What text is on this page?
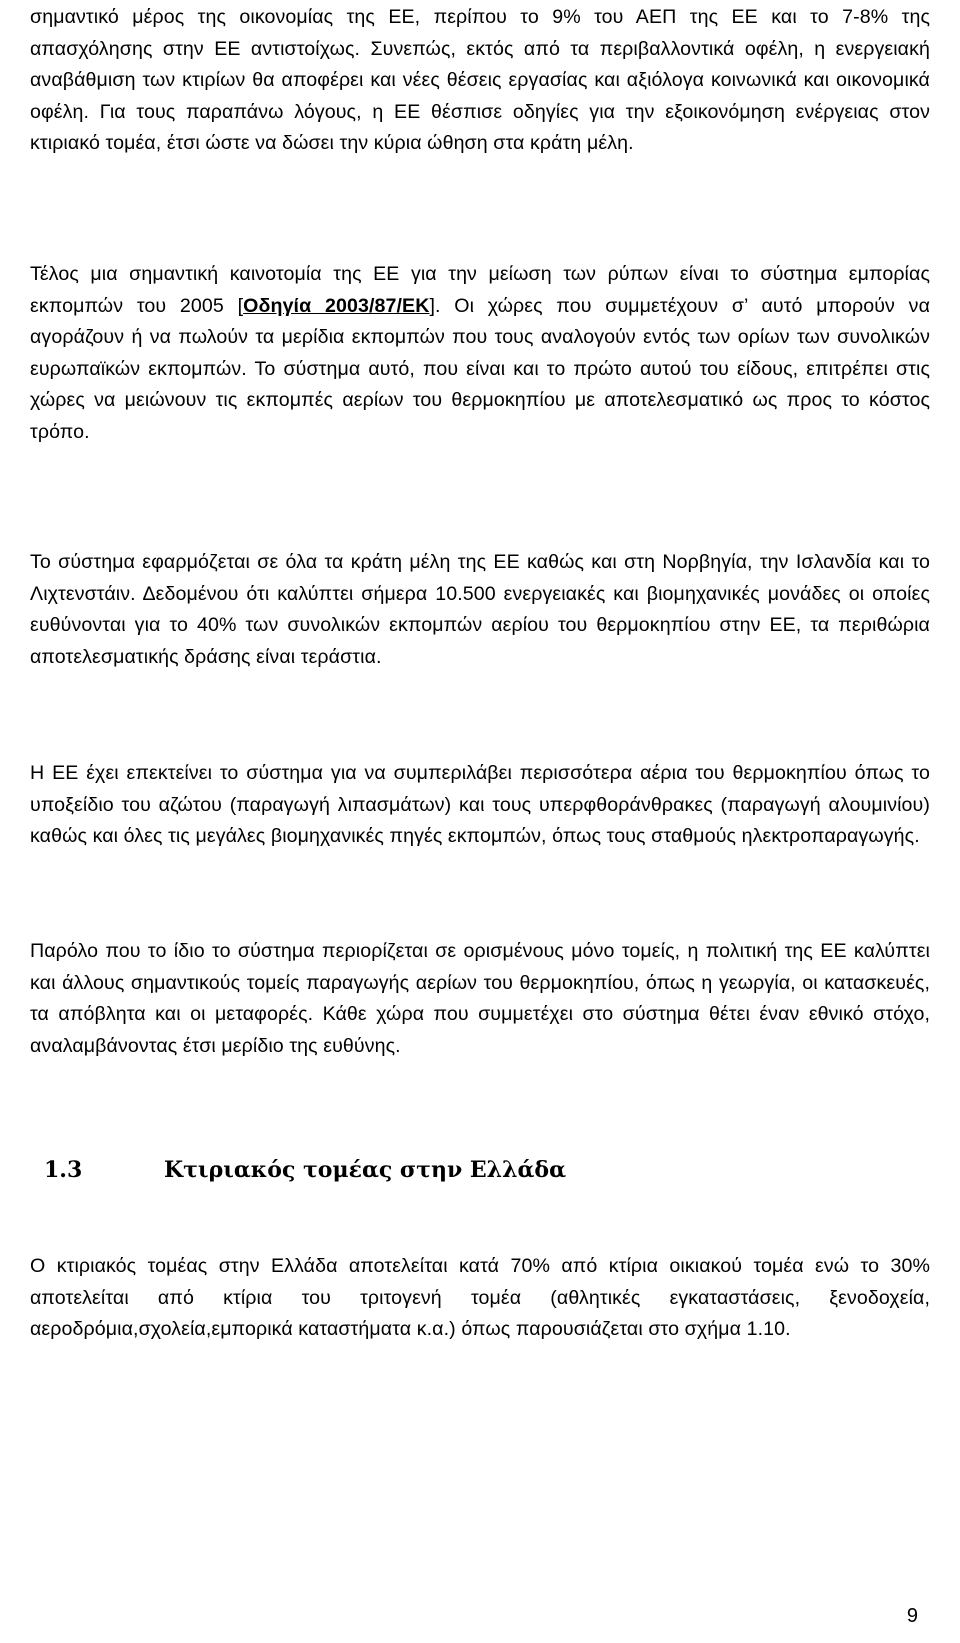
σημαντικό μέρος της οικονομίας της ΕΕ, περίπου το 9% του ΑΕΠ της ΕΕ και το 7-8% της απασχόλησης στην ΕΕ αντιστοίχως. Συνεπώς, εκτός από τα περιβαλλοντικά οφέλη, η ενεργειακή αναβάθμιση των κτιρίων θα αποφέρει και νέες θέσεις εργασίας και αξιόλογα κοινωνικά και οικονομικά οφέλη. Για τους παραπάνω λόγους, η ΕΕ θέσπισε οδηγίες για την εξοικονόμηση ενέργειας στον κτιριακό τομέα, έτσι ώστε να δώσει την κύρια ώθηση στα κράτη μέλη.

Τέλος μια σημαντική καινοτομία της ΕΕ για την μείωση των ρύπων είναι το σύστημα εμπορίας εκπομπών του 2005 [Οδηγία 2003/87/ΕΚ]. Οι χώρες που συμμετέχουν σ’ αυτό μπορούν να αγοράζουν ή να πωλούν τα μερίδια εκπομπών που τους αναλογούν εντός των ορίων των συνολικών ευρωπαϊκών εκπομπών. Το σύστημα αυτό, που είναι και το πρώτο αυτού του είδους, επιτρέπει στις χώρες να μειώνουν τις εκπομπές αερίων του θερμοκηπίου με αποτελεσματικό ως προς το κόστος τρόπο.

Το σύστημα εφαρμόζεται σε όλα τα κράτη μέλη της ΕΕ καθώς και στη Νορβηγία, την Ισλανδία και το Λιχτενστάιν. Δεδομένου ότι καλύπτει σήμερα 10.500 ενεργειακές και βιομηχανικές μονάδες οι οποίες ευθύνονται για το 40% των συνολικών εκπομπών αερίου του θερμοκηπίου στην ΕΕ, τα περιθώρια αποτελεσματικής δράσης είναι τεράστια.

Η ΕΕ έχει επεκτείνει το σύστημα για να συμπεριλάβει περισσότερα αέρια του θερμοκηπίου όπως το υποξείδιο του αζώτου (παραγωγή λιπασμάτων) και τους υπερφθοράνθρακες (παραγωγή αλουμινίου) καθώς και όλες τις μεγάλες βιομηχανικές πηγές εκπομπών, όπως τους σταθμούς ηλεκτροπαραγωγής.

Παρόλο που το ίδιο το σύστημα περιορίζεται σε ορισμένους μόνο τομείς, η πολιτική της ΕΕ καλύπτει και άλλους σημαντικούς τομείς παραγωγής αερίων του θερμοκηπίου, όπως η γεωργία, οι κατασκευές, τα απόβλητα και οι μεταφορές. Κάθε χώρα που συμμετέχει στο σύστημα θέτει έναν εθνικό στόχο, αναλαμβάνοντας έτσι μερίδιο της ευθύνης.

1.3	Κτιριακός τομέας στην Ελλάδα

Ο κτιριακός τομέας στην Ελλάδα αποτελείται κατά 70% από κτίρια οικιακού τομέα ενώ το 30% αποτελείται από κτίρια του τριτογενή τομέα (αθλητικές εγκαταστάσεις, ξενοδοχεία, αεροδρόμια,σχολεία,εμπορικά καταστήματα κ.α.) όπως παρουσιάζεται στο σχήμα 1.10.

9
